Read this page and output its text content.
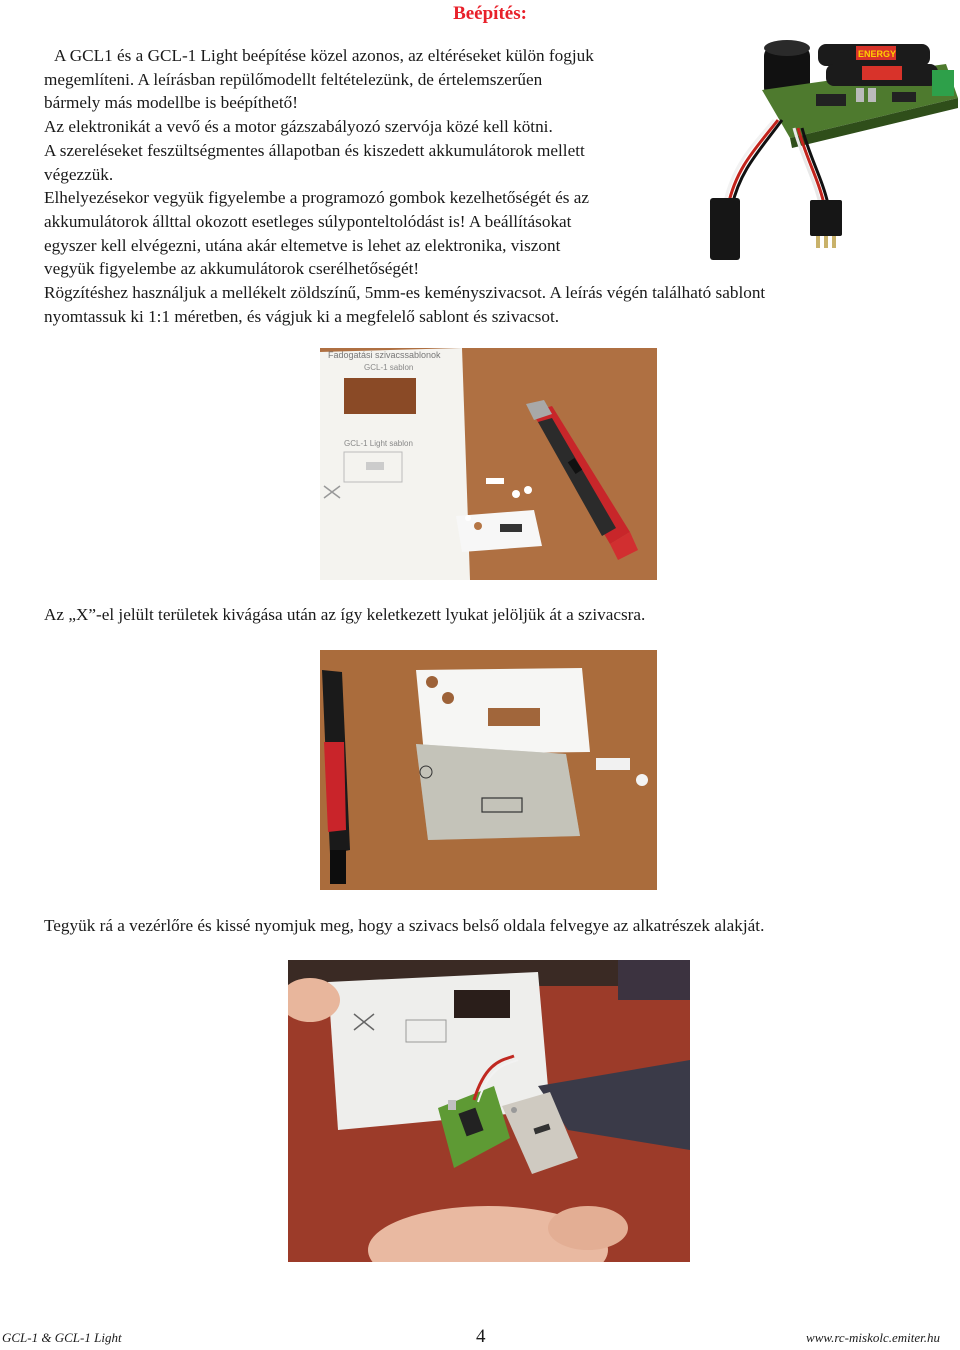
Beépítés:
ENERGY
A GCL1 és a GCL-1 Light beépítése közel azonos, az eltéréseket külön fogjuk
megemlíteni. A leírásban repülőmodellt feltételezünk, de értelemszerűen
bármely más modellbe is beépíthető!
Az elektronikát a vevő és a motor gázszabályozó szervója közé kell kötni.
A szereléseket feszültségmentes állapotban és kiszedett akkumulátorok mellett
végezzük.
Elhelyezésekor vegyük figyelembe a programozó gombok kezelhetőségét és az
akkumulátorok állttal okozott esetleges súlyponteltolódást is! A beállításokat
egyszer kell elvégezni, utána akár eltemetve is lehet az elektronika, viszont
vegyük figyelembe az akkumulátorok cserélhetőségét!
Rögzítéshez használjuk a mellékelt zöldszínű, 5mm-es keményszivacsot. A leírás végén található sablont
nyomtassuk ki 1:1 méretben, és vágjuk ki a megfelelő sablont és szivacsot.
Fadogatási szivacssablonok
GCL-1 sablon
GCL-1 Light sablon
Az „X”-el jelült területek kivágása után az így keletkezett lyukat jelöljük át a szivacsra.
Tegyük rá a vezérlőre és kissé nyomjuk meg, hogy a szivacs belső oldala felvegye az alkatrészek alakját.
GCL-1 & GCL-1 Light	4	www.rc-miskolc.emiter.hu
